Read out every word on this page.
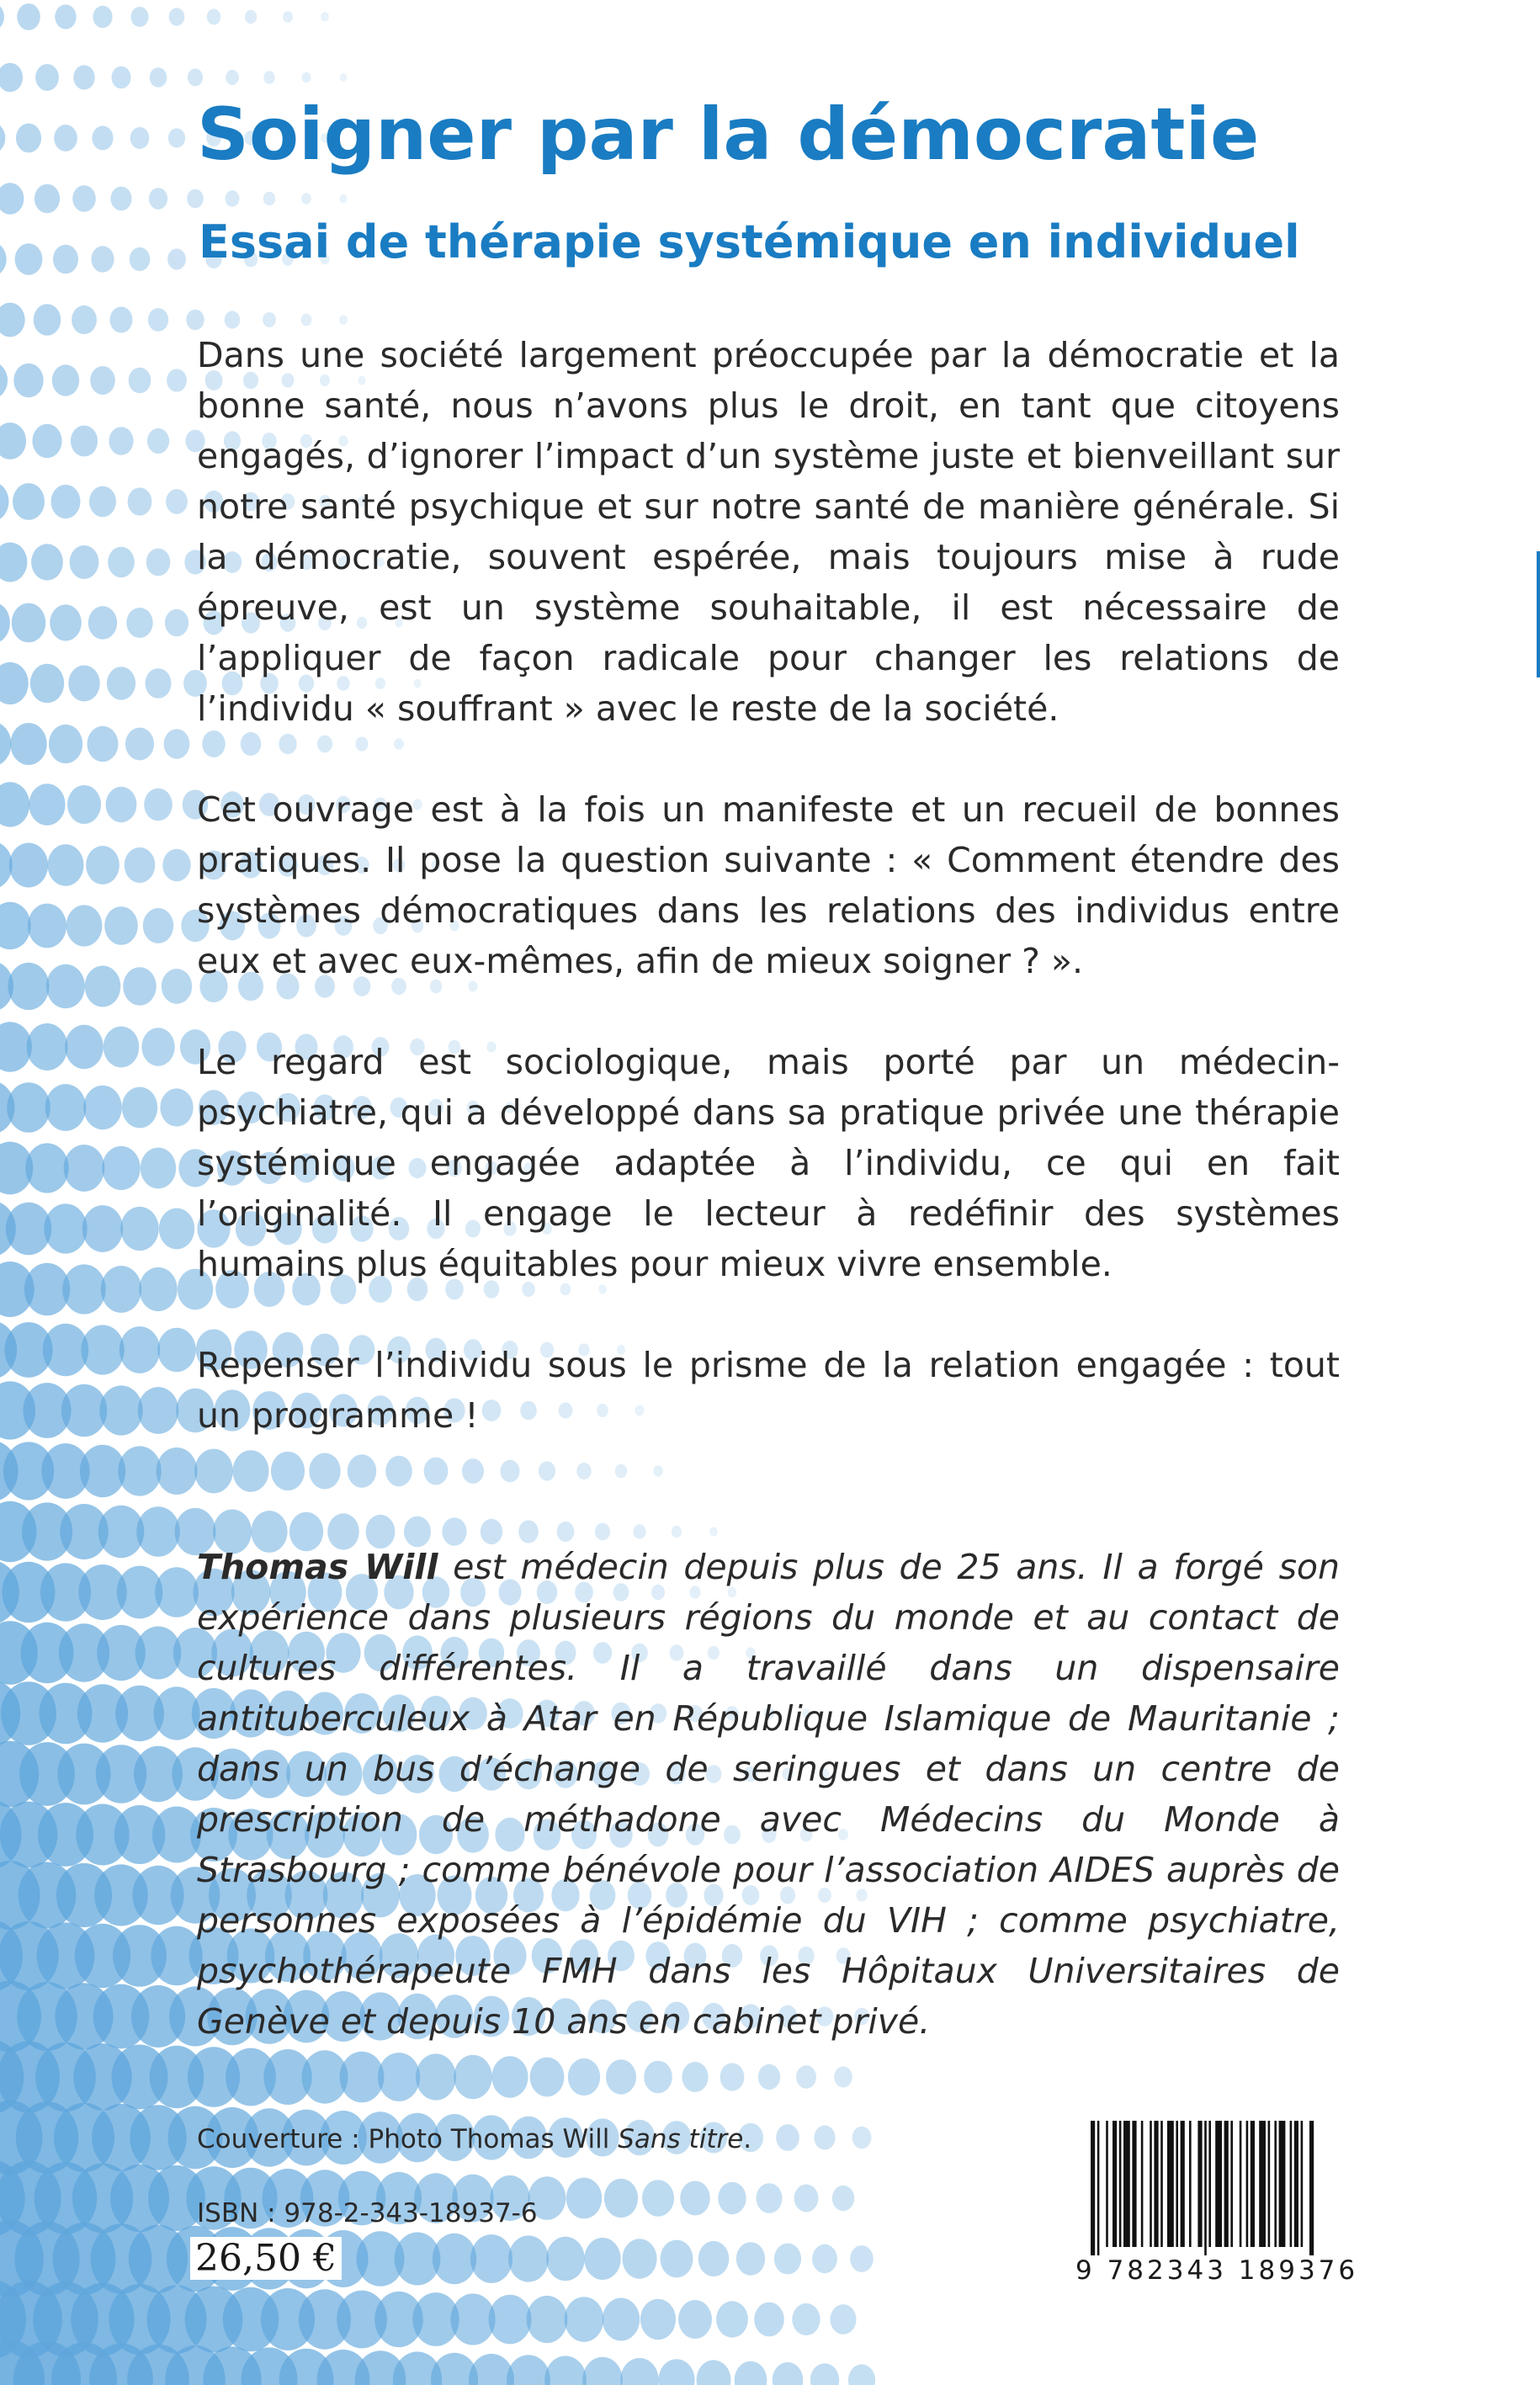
Soigner par la démocratie
Essai de thérapie systémique en individuel

Dans une société largement préoccupée par la démocratie et la bonne santé, nous n’avons plus le droit, en tant que citoyens engagés, d’ignorer l’impact d’un système juste et bienveillant sur notre santé psychique et sur notre santé de manière générale. Si la démocratie, souvent espérée, mais toujours mise à rude épreuve, est un système souhaitable, il est nécessaire de l’appliquer de façon radicale pour changer les relations de l’individu « souffrant » avec le reste de la société.

Cet ouvrage est à la fois un manifeste et un recueil de bonnes pratiques. Il pose la question suivante : « Comment étendre des systèmes démocratiques dans les relations des individus entre eux et avec eux-mêmes, afin de mieux soigner ? ».

Le regard est sociologique, mais porté par un médecin-psychiatre, qui a développé dans sa pratique privée une thérapie systémique engagée adaptée à l’individu, ce qui en fait l’originalité. Il engage le lecteur à redéfinir des systèmes humains plus équitables pour mieux vivre ensemble.

Repenser l’individu sous le prisme de la relation engagée : tout un programme !

Thomas Will est médecin depuis plus de 25 ans. Il a forgé son expérience dans plusieurs régions du monde et au contact de cultures différentes. Il a travaillé dans un dispensaire antituberculeux à Atar en République Islamique de Mauritanie ; dans un bus d’échange de seringues et dans un centre de prescription de méthadone avec Médecins du Monde à Strasbourg ; comme bénévole pour l’association AIDES auprès de personnes exposées à l’épidémie du VIH ; comme psychiatre, psychothérapeute FMH dans les Hôpitaux Universitaires de Genève et depuis 10 ans en cabinet privé.

Couverture : Photo Thomas Will Sans titre.

ISBN : 978-2-343-18937-6

26,50 €	9 782343 189376
